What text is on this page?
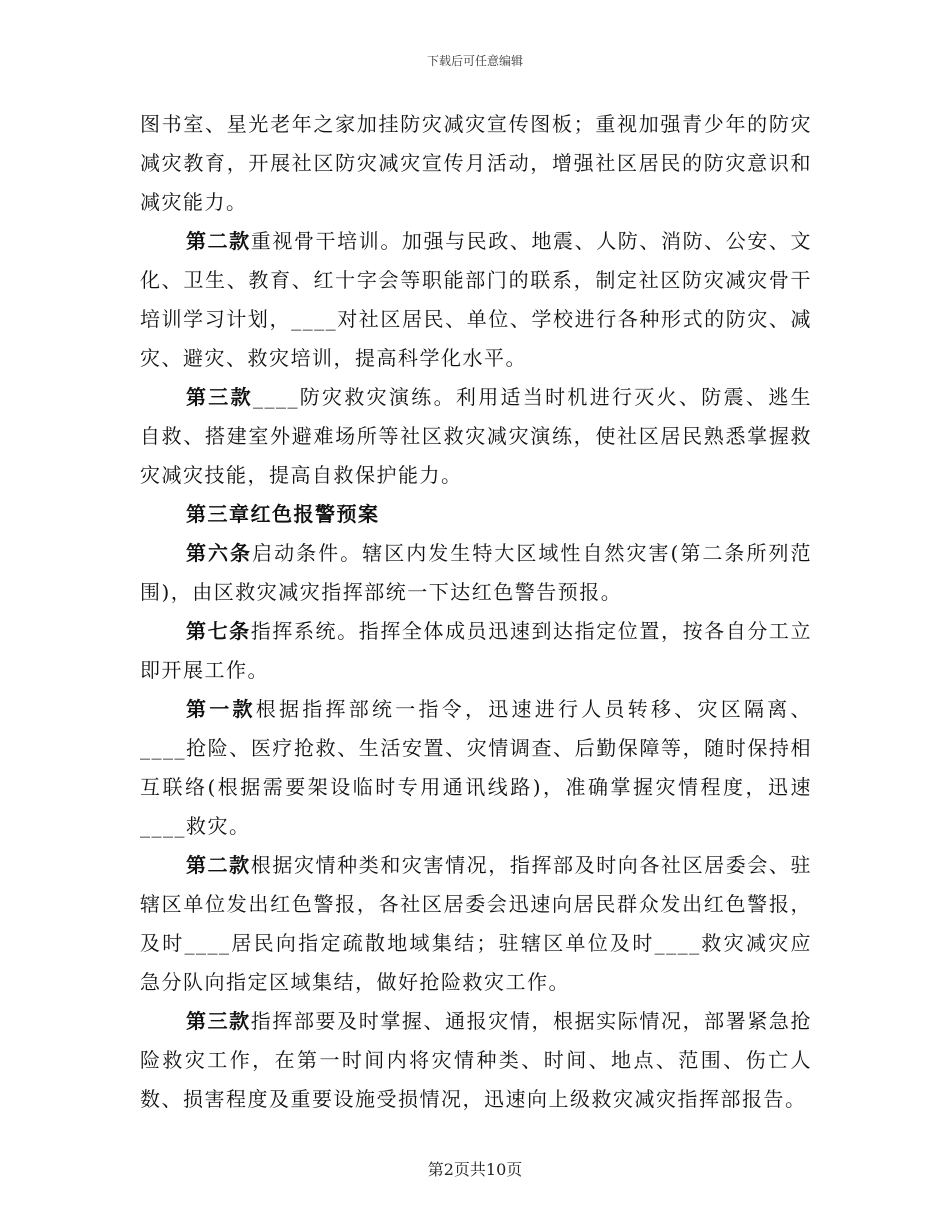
下载后可任意编辑

图书室、星光老年之家加挂防灾减灾宣传图板；重视加强青少年的防灾减灾教育，开展社区防灾减灾宣传月活动，增强社区居民的防灾意识和减灾能力。

第二款重视骨干培训。加强与民政、地震、人防、消防、公安、文化、卫生、教育、红十字会等职能部门的联系，制定社区防灾减灾骨干培训学习计划，____对社区居民、单位、学校进行各种形式的防灾、减灾、避灾、救灾培训，提高科学化水平。

第三款____防灾救灾演练。利用适当时机进行灭火、防震、逃生自救、搭建室外避难场所等社区救灾减灾演练，使社区居民熟悉掌握救灾减灾技能，提高自救保护能力。

第三章红色报警预案

第六条启动条件。辖区内发生特大区域性自然灾害(第二条所列范围)，由区救灾减灾指挥部统一下达红色警告预报。

第七条指挥系统。指挥全体成员迅速到达指定位置，按各自分工立即开展工作。

第一款根据指挥部统一指令，迅速进行人员转移、灾区隔离、____抢险、医疗抢救、生活安置、灾情调查、后勤保障等，随时保持相互联络(根据需要架设临时专用通讯线路)，准确掌握灾情程度，迅速____救灾。

第二款根据灾情种类和灾害情况，指挥部及时向各社区居委会、驻辖区单位发出红色警报，各社区居委会迅速向居民群众发出红色警报，及时____居民向指定疏散地域集结；驻辖区单位及时____救灾减灾应急分队向指定区域集结，做好抢险救灾工作。

第三款指挥部要及时掌握、通报灾情，根据实际情况，部署紧急抢险救灾工作，在第一时间内将灾情种类、时间、地点、范围、伤亡人数、损害程度及重要设施受损情况，迅速向上级救灾减灾指挥部报告。

第2页共10页
